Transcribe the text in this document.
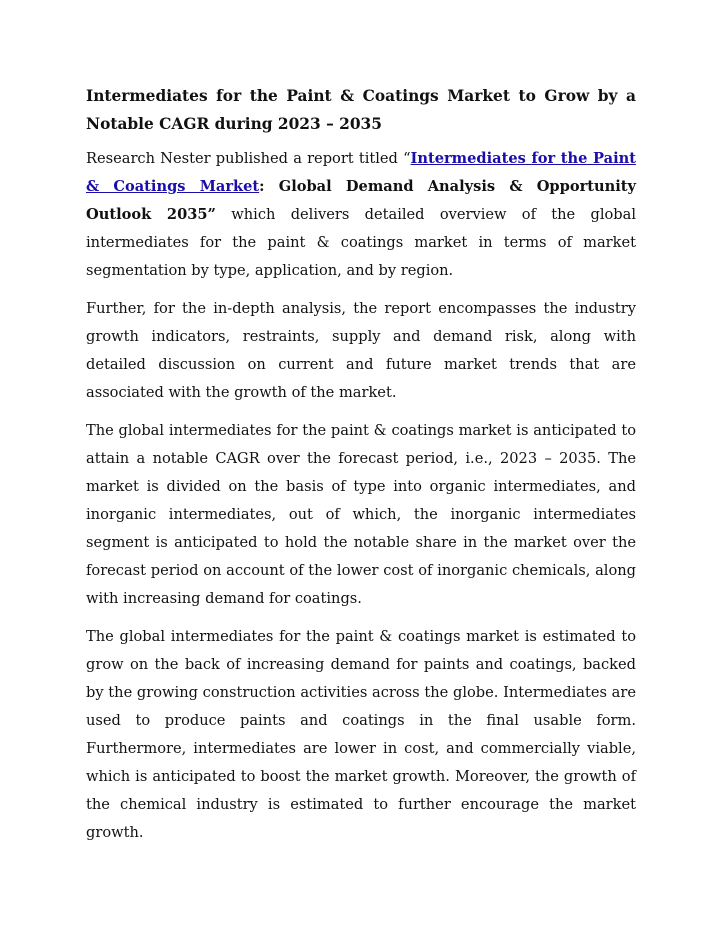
Intermediates for the Paint & Coatings Market to Grow by a Notable CAGR during 2023 – 2035

Research Nester published a report titled “Intermediates for the Paint & Coatings Market: Global Demand Analysis & Opportunity Outlook 2035” which delivers detailed overview of the global intermediates for the paint & coatings market in terms of market segmentation by type, application, and by region.

Further, for the in-depth analysis, the report encompasses the industry growth indicators, restraints, supply and demand risk, along with detailed discussion on current and future market trends that are associated with the growth of the market.

The global intermediates for the paint & coatings market is anticipated to attain a notable CAGR over the forecast period, i.e., 2023 – 2035. The market is divided on the basis of type into organic intermediates, and inorganic intermediates, out of which, the inorganic intermediates segment is anticipated to hold the notable share in the market over the forecast period on account of the lower cost of inorganic chemicals, along with increasing demand for coatings.

The global intermediates for the paint & coatings market is estimated to grow on the back of increasing demand for paints and coatings, backed by the growing construction activities across the globe. Intermediates are used to produce paints and coatings in the final usable form. Furthermore, intermediates are lower in cost, and commercially viable, which is anticipated to boost the market growth. Moreover, the growth of the chemical industry is estimated to further encourage the market growth.
